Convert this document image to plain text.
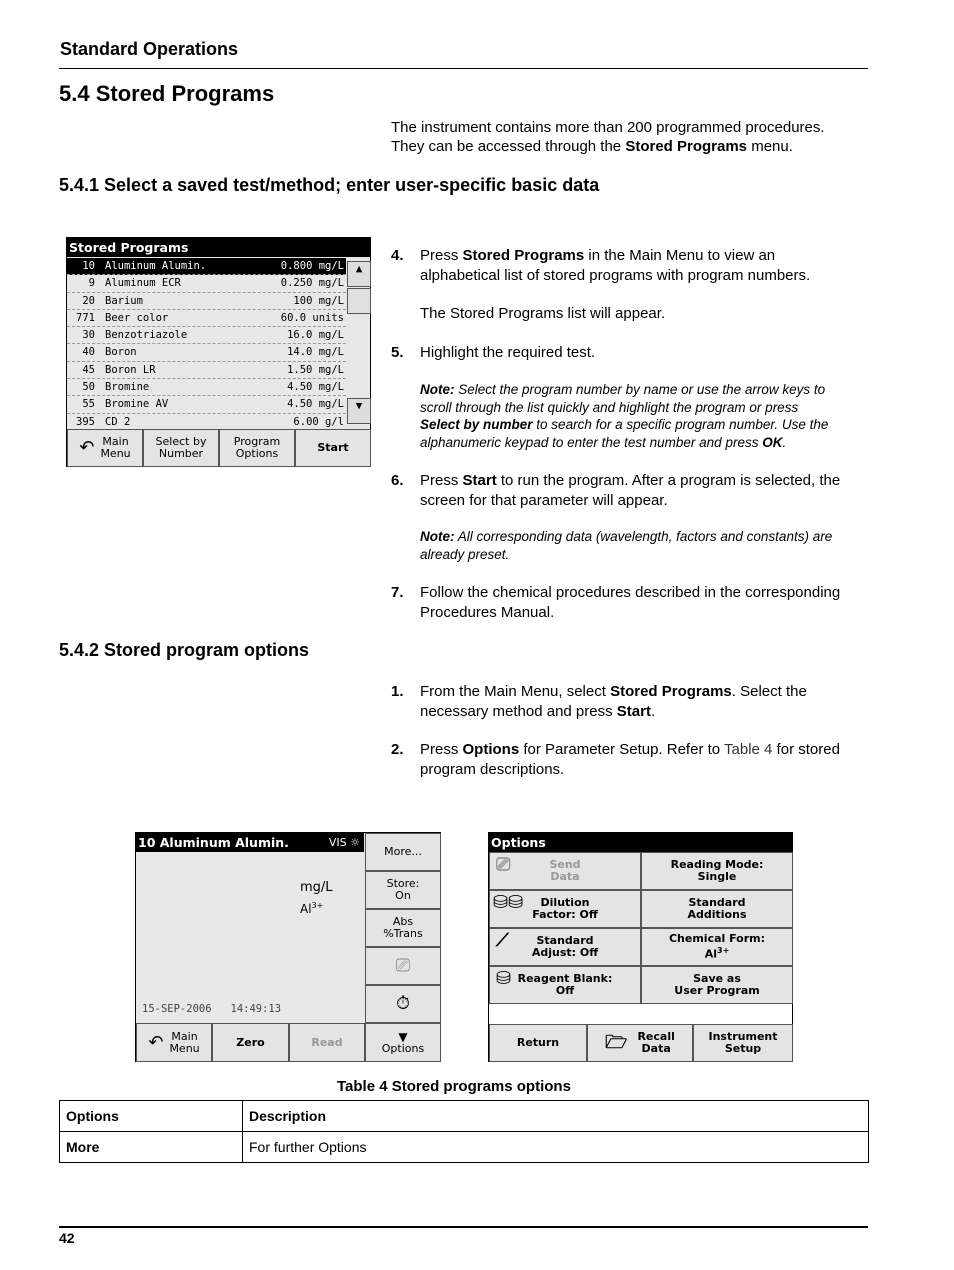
Standard Operations
5.4 Stored Programs
The instrument contains more than 200 programmed procedures.
They can be accessed through the Stored Programs menu.
5.4.1 Select a saved test/method; enter user-specific basic data
Stored Programs
10 Aluminum Alumin.	0.800 mg/L
9 Aluminum ECR	0.250 mg/L
20 Barium	100 mg/L
771 Beer color	60.0 units
30 Benzotriazole	16.0 mg/L
40 Boron	14.0 mg/L
45 Boron LR	1.50 mg/L
50 Bromine	4.50 mg/L
55 Bromine AV	4.50 mg/L
395 CD 2	6.00 g/l
▲
▼
↶ Main
Menu
Select by
Number
Program
Options	Start
4. Press Stored Programs in the Main Menu to view an
alphabetical list of stored programs with program numbers.
The Stored Programs list will appear.
5. Highlight the required test.
Note: Select the program number by name or use the arrow keys to
scroll through the list quickly and highlight the program or press
Select by number to search for a specific program number. Use the
alphanumeric keypad to enter the test number and press OK.
6. Press Start to run the program. After a program is selected, the
screen for that parameter will appear.
Note: All corresponding data (wavelength, factors and constants) are
already preset.
7. Follow the chemical procedures described in the corresponding
Procedures Manual.
5.4.2 Stored program options
1. From the Main Menu, select Stored Programs. Select the
necessary method and press Start.
2. Press Options for Parameter Setup. Refer to Table 4 for stored
program descriptions.
10 Aluminum Alumin.	VIS ☼
mg/L
$Al^{3+}$
15-SEP-2006   14:49:13
More...
Store:
On
Abs
%Trans
⎚
⏱
↶ Main
Menu	Zero	Read	▼
Options
Options
⎚	Send
Data
Reading Mode:
Single
⛁⛁ Dilution
Factor: Off
Standard
Additions
⟋	Standard
Adjust: Off
Chemical Form:
$Al^{3+}$
⛁ Reagent Blank:
Off
Save as
User Program
Return	🗁 Recall
Data
Instrument
Setup
Table 4 Stored programs options
Options	Description
More	For further Options
42
